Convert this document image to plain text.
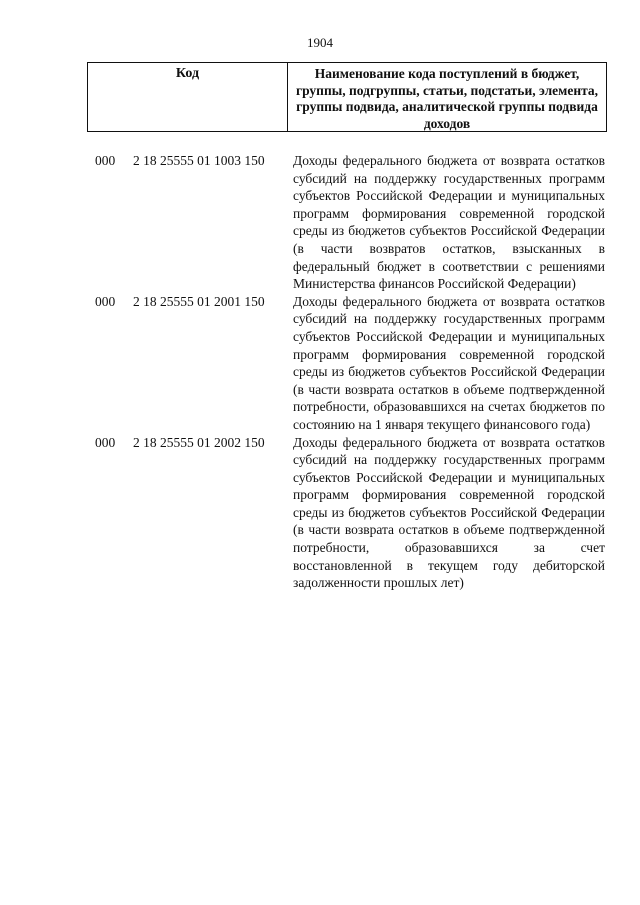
1904
Код	Наименование кода поступлений в бюджет, группы, подгруппы, статьи, подстатьи, элемента, группы подвида, аналитической группы подвида доходов
000	2 18 25555 01 1003 150	Доходы федерального бюджета от возврата остатков субсидий на поддержку государственных программ субъектов Российской Федерации и муниципальных программ формирования современной городской среды из бюджетов субъектов Российской Федерации (в части возвратов остатков, взысканных в федеральный бюджет в соответствии с решениями Министерства финансов Российской Федерации)
000	2 18 25555 01 2001 150	Доходы федерального бюджета от возврата остатков субсидий на поддержку государственных программ субъектов Российской Федерации и муниципальных программ формирования современной городской среды из бюджетов субъектов Российской Федерации (в части возврата остатков в объеме подтвержденной потребности, образовавшихся на счетах бюджетов по состоянию на 1 января текущего финансового года)
000	2 18 25555 01 2002 150	Доходы федерального бюджета от возврата остатков субсидий на поддержку государственных программ субъектов Российской Федерации и муниципальных программ формирования современной городской среды из бюджетов субъектов Российской Федерации (в части возврата остатков в объеме подтвержденной потребности, образовавшихся за счет восстановленной в текущем году дебиторской задолженности прошлых лет)
